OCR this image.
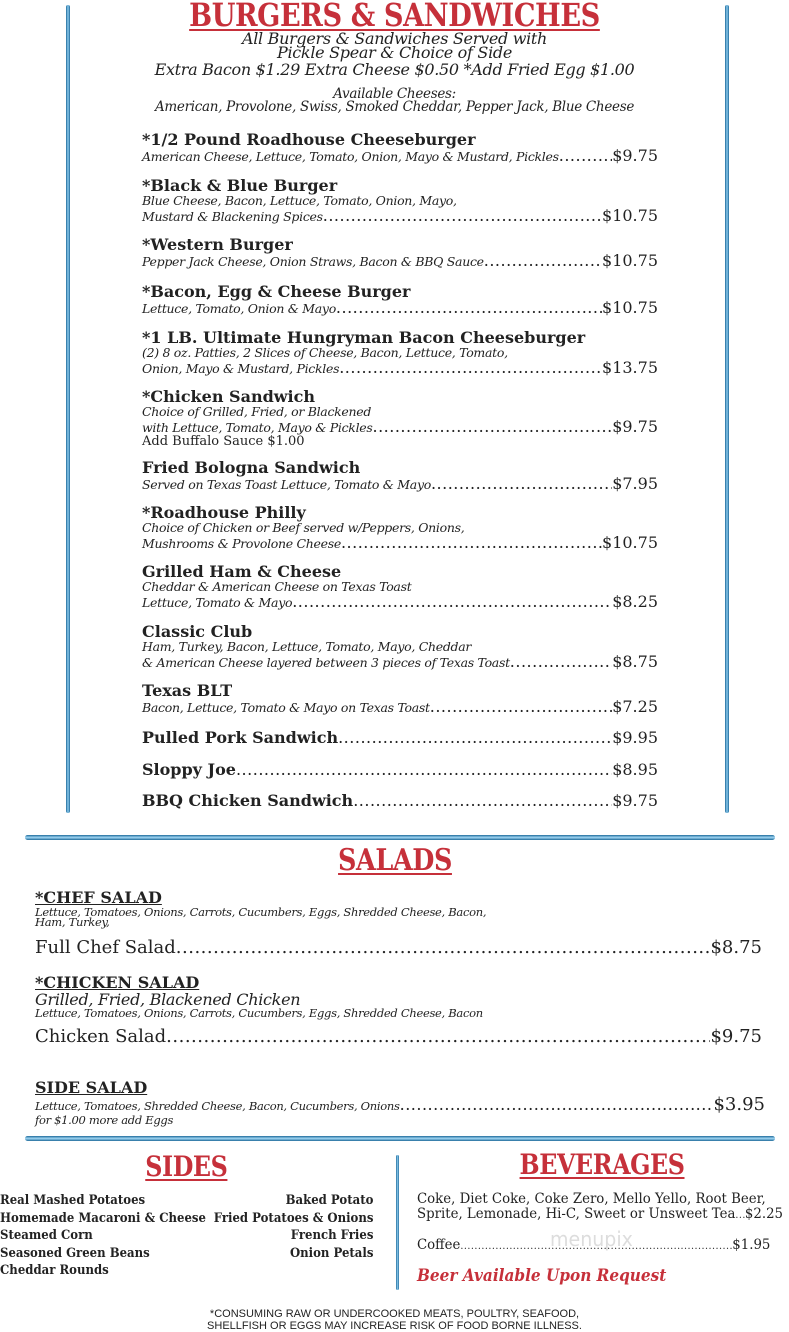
BURGERS & SANDWICHES
All Burgers & Sandwiches Served with
Pickle Spear & Choice of Side
Extra Bacon $1.29 Extra Cheese $0.50 *Add Fried Egg $1.00
Available Cheeses:
American, Provolone, Swiss, Smoked Cheddar, Pepper Jack, Blue Cheese
*1/2 Pound Roadhouse Cheeseburger
American Cheese, Lettuce, Tomato, Onion, Mayo & Mustard, Pickles .....	$9.75
*Black & Blue Burger
Blue Cheese, Bacon, Lettuce, Tomato, Onion, Mayo,
Mustard & Blackening Spices .....	$10.75
*Western Burger
Pepper Jack Cheese, Onion Straws, Bacon & BBQ Sauce .....	$10.75
*Bacon, Egg & Cheese Burger
Lettuce, Tomato, Onion & Mayo .....	$10.75
*1 LB. Ultimate Hungryman Bacon Cheeseburger
(2) 8 oz. Patties, 2 Slices of Cheese, Bacon, Lettuce, Tomato,
Onion, Mayo & Mustard, Pickles .....	$13.75
*Chicken Sandwich
Choice of Grilled, Fried, or Blackened
with Lettuce, Tomato, Mayo & Pickles .....	$9.75
Add Buffalo Sauce $1.00
Fried Bologna Sandwich
Served on Texas Toast Lettuce, Tomato & Mayo .....	$7.95
*Roadhouse Philly
Choice of Chicken or Beef served w/Peppers, Onions,
Mushrooms & Provolone Cheese .....	$10.75
Grilled Ham & Cheese
Cheddar & American Cheese on Texas Toast
Lettuce, Tomato & Mayo .....	$8.25
Classic Club
Ham, Turkey, Bacon, Lettuce, Tomato, Mayo, Cheddar
& American Cheese layered between 3 pieces of Texas Toast .....	$8.75
Texas BLT
Bacon, Lettuce, Tomato & Mayo on Texas Toast .....	$7.25
Pulled Pork Sandwich .....	$9.95
Sloppy Joe .....	$8.95
BBQ Chicken Sandwich .....	$9.75
SALADS
*CHEF SALAD
Lettuce, Tomatoes, Onions, Carrots, Cucumbers, Eggs, Shredded Cheese, Bacon,
Ham, Turkey,
Full Chef Salad .....	$8.75
*CHICKEN SALAD
Grilled, Fried, Blackened Chicken
Lettuce, Tomatoes, Onions, Carrots, Cucumbers, Eggs, Shredded Cheese, Bacon
Chicken Salad .....	$9.75
SIDE SALAD
Lettuce, Tomatoes, Shredded Cheese, Bacon, Cucumbers, Onions .....	$3.95
for $1.00 more add Eggs
SIDES
Real Mashed Potatoes
Homemade Macaroni & Cheese
Steamed Corn
Seasoned Green Beans
Cheddar Rounds
Baked Potato
Fried Potatoes & Onions
French Fries
Onion Petals
BEVERAGES
Coke, Diet Coke, Coke Zero, Mello Yello, Root Beer,
Sprite, Lemonade, Hi-C, Sweet or Unsweet Tea ..... $2.25
Coffee .....	$1.95
menupix
Beer Available Upon Request
*CONSUMING RAW OR UNDERCOOKED MEATS, POULTRY, SEAFOOD,
SHELLFISH OR EGGS MAY INCREASE RISK OF FOOD BORNE ILLNESS.
